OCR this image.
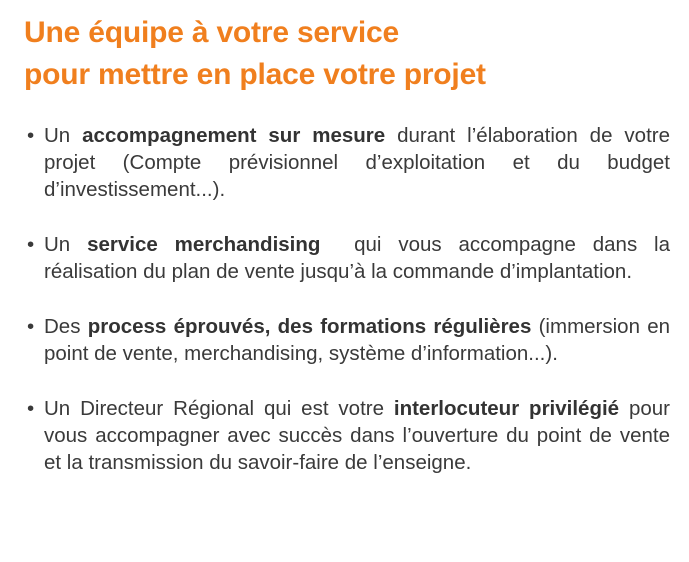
Une équipe à votre service
pour mettre en place votre projet
• Un accompagnement sur mesure durant l’élaboration de votre projet (Compte prévisionnel d’exploitation et du budget d’investissement...).
• Un service merchandising  qui vous accompagne dans la réalisation du plan de vente jusqu’à la commande d’implantation.
• Des process éprouvés, des formations régulières (immersion en point de vente, merchandising, système d’information...).
• Un Directeur Régional qui est votre interlocuteur privilégié pour vous accompagner avec succès dans l’ouverture du point de vente et la transmission du savoir-faire de l’enseigne.
